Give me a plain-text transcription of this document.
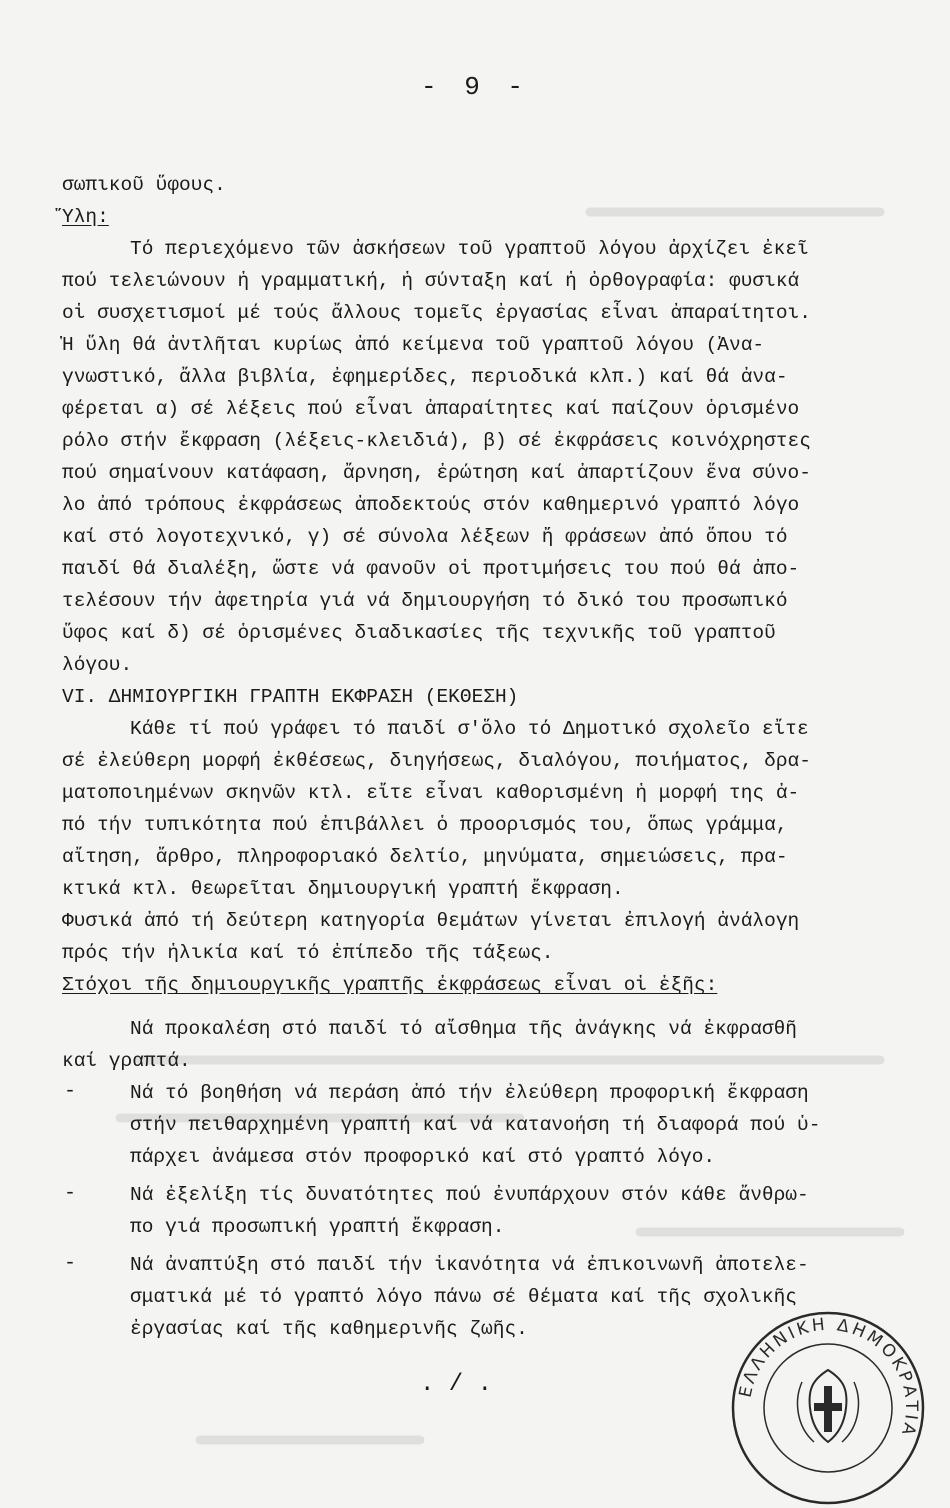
- 9 -
σωπικοῦ ὕφους.
Ὕλη:
Τό περιεχόμενο τῶν ἀσκήσεων τοῦ γραπτοῦ λόγου ἀρχίζει ἐκεῖ
πού τελειώνουν ἡ γραμματική, ἡ σύνταξη καί ἡ ὀρθογραφία: φυσικά
οἱ συσχετισμοί μέ τούς ἄλλους τομεῖς ἐργασίας εἶναι ἀπαραίτητοι.
Ἡ ὕλη θά ἀντλῆται κυρίως ἀπό κείμενα τοῦ γραπτοῦ λόγου (Ἀνα-
γνωστικό, ἄλλα βιβλία, ἐφημερίδες, περιοδικά κλπ.) καί θά ἀνα-
φέρεται α) σέ λέξεις πού εἶναι ἀπαραίτητες καί παίζουν ὁρισμένο
ρόλο στήν ἔκφραση (λέξεις-κλειδιά), β) σέ ἐκφράσεις κοινόχρηστες
πού σημαίνουν κατάφαση, ἄρνηση, ἐρώτηση καί ἀπαρτίζουν ἕνα σύνο-
λο ἀπό τρόπους ἐκφράσεως ἀποδεκτούς στόν καθημερινό γραπτό λόγο
καί στό λογοτεχνικό, γ) σέ σύνολα λέξεων ἤ φράσεων ἀπό ὅπου τό
παιδί θά διαλέξη, ὥστε νά φανοῦν οἱ προτιμήσεις του πού θά ἀπο-
τελέσουν τήν ἀφετηρία γιά νά δημιουργήση τό δικό του προσωπικό
ὕφος καί δ) σέ ὁρισμένες διαδικασίες τῆς τεχνικῆς τοῦ γραπτοῦ
λόγου.
VI. ΔΗΜΙΟΥΡΓΙΚΗ ΓΡΑΠΤΗ ΕΚΦΡΑΣΗ (ΕΚΘΕΣΗ)
Κάθε τί πού γράφει τό παιδί σ'ὅλο τό Δημοτικό σχολεῖο εἴτε
σέ ἐλεύθερη μορφή ἐκθέσεως, διηγήσεως, διαλόγου, ποιήματος, δρα-
ματοποιημένων σκηνῶν κτλ. εἴτε εἶναι καθορισμένη ἡ μορφή της ἀ-
πό τήν τυπικότητα πού ἐπιβάλλει ὁ προορισμός του, ὅπως γράμμα,
αἴτηση, ἄρθρο, πληροφοριακό δελτίο, μηνύματα, σημειώσεις, πρα-
κτικά κτλ. θεωρεῖται δημιουργική γραπτή ἔκφραση.
Φυσικά ἀπό τή δεύτερη κατηγορία θεμάτων γίνεται ἐπιλογή ἀνάλογη
πρός τήν ἡλικία καί τό ἐπίπεδο τῆς τάξεως.
Στόχοι τῆς δημιουργικῆς γραπτῆς ἐκφράσεως εἶναι οἱ ἑξῆς:
Νά προκαλέση στό παιδί τό αἴσθημα τῆς ἀνάγκης νά ἐκφρασθῆ
καί γραπτά.
-	Νά τό βοηθήση νά περάση ἀπό τήν ἐλεύθερη προφορική ἔκφραση
στήν πειθαρχημένη γραπτή καί νά κατανοήση τή διαφορά πού ὑ-
πάρχει ἀνάμεσα στόν προφορικό καί στό γραπτό λόγο.
-	Νά ἐξελίξη τίς δυνατότητες πού ἐνυπάρχουν στόν κάθε ἄνθρω-
πο γιά προσωπική γραπτή ἔκφραση.
-	Νά ἀναπτύξη στό παιδί τήν ἱκανότητα νά ἐπικοινωνῆ ἀποτελε-
σματικά μέ τό γραπτό λόγο πάνω σέ θέματα καί τῆς σχολικῆς
ἐργασίας καί τῆς καθημερινῆς ζωῆς.
. / .	ΕΛΛΗΝΙΚΗ ΔΗΜΟΚΡΑΤΙΑ
